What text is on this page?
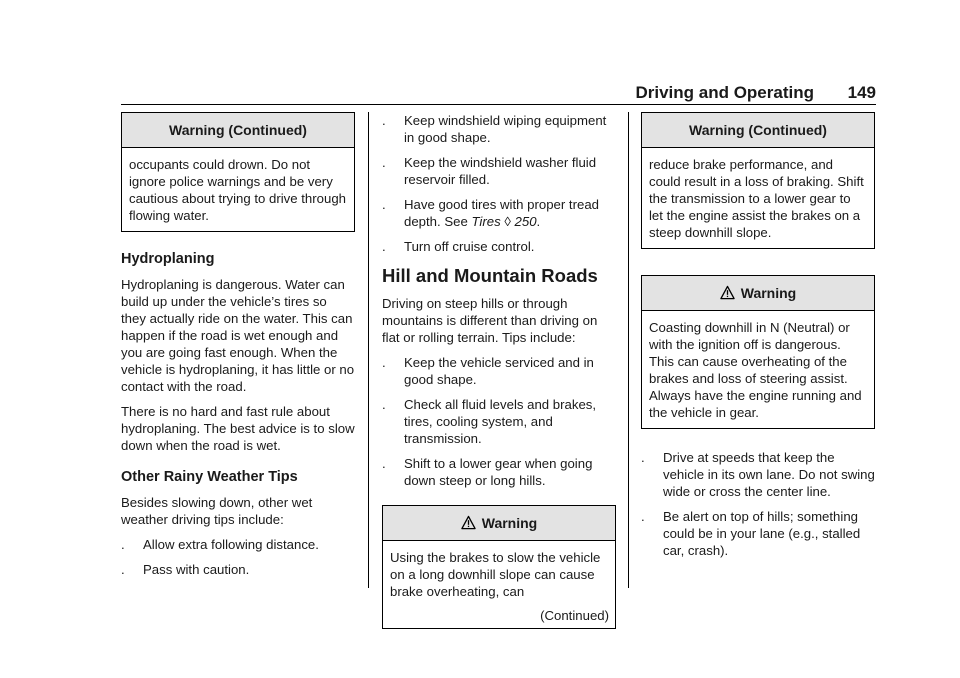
Driving and Operating 149
Warning (Continued)

occupants could drown. Do not ignore police warnings and be very cautious about trying to drive through flowing water.

Hydroplaning

Hydroplaning is dangerous. Water can build up under the vehicle’s tires so they actually ride on the water. This can happen if the road is wet enough and you are going fast enough. When the vehicle is hydroplaning, it has little or no contact with the road.

There is no hard and fast rule about hydroplaning. The best advice is to slow down when the road is wet.

Other Rainy Weather Tips

Besides slowing down, other wet weather driving tips include:

. Allow extra following distance.
. Pass with caution.
. Keep windshield wiping equipment in good shape.
. Keep the windshield washer fluid reservoir filled.
. Have good tires with proper tread depth. See Tires ◊ 250.
. Turn off cruise control.
Hill and Mountain Roads

Driving on steep hills or through mountains is different than driving on flat or rolling terrain. Tips include:

. Keep the vehicle serviced and in good shape.
. Check all fluid levels and brakes, tires, cooling system, and transmission.
. Shift to a lower gear when going down steep or long hills.
Warning

Using the brakes to slow the vehicle on a long downhill slope can cause brake overheating, can

(Continued)
Warning (Continued)

reduce brake performance, and could result in a loss of braking. Shift the transmission to a lower gear to let the engine assist the brakes on a steep downhill slope.

Warning

Coasting downhill in N (Neutral) or with the ignition off is dangerous. This can cause overheating of the brakes and loss of steering assist. Always have the engine running and the vehicle in gear.

. Drive at speeds that keep the vehicle in its own lane. Do not swing wide or cross the center line.
. Be alert on top of hills; something could be in your lane (e.g., stalled car, crash).
